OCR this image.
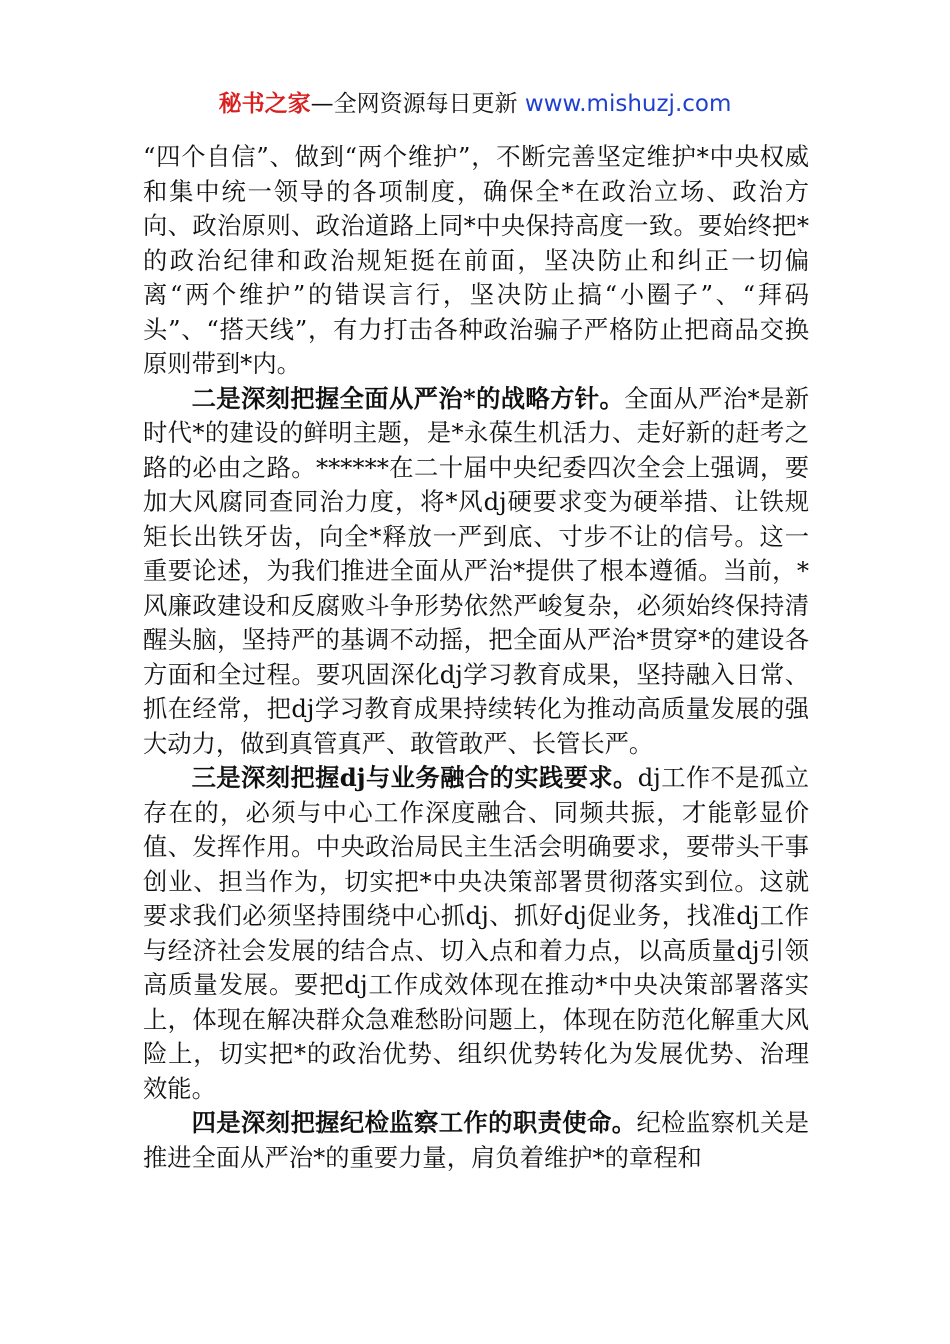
秘书之家—全网资源每日更新 www.mishuzj.com

“四个自信”、做到“两个维护”，不断完善坚定维护*中央权威和集中统一领导的各项制度，确保全*在政治立场、政治方向、政治原则、政治道路上同*中央保持高度一致。要始终把*的政治纪律和政治规矩挺在前面，坚决防止和纠正一切偏离“两个维护”的错误言行，坚决防止搞“小圈子”、“拜码头”、“搭天线”，有力打击各种政治骗子严格防止把商品交换原则带到*内。

二是深刻把握全面从严治*的战略方针。全面从严治*是新时代*的建设的鲜明主题，是*永葆生机活力、走好新的赶考之路的必由之路。******在二十届中央纪委四次全会上强调，要加大风腐同查同治力度，将*风dj硬要求变为硬举措、让铁规矩长出铁牙齿，向全*释放一严到底、寸步不让的信号。这一重要论述，为我们推进全面从严治*提供了根本遵循。当前，*风廉政建设和反腐败斗争形势依然严峻复杂，必须始终保持清醒头脑，坚持严的基调不动摇，把全面从严治*贯穿*的建设各方面和全过程。要巩固深化dj学习教育成果，坚持融入日常、抓在经常，把dj学习教育成果持续转化为推动高质量发展的强大动力，做到真管真严、敢管敢严、长管长严。

三是深刻把握dj与业务融合的实践要求。dj工作不是孤立存在的，必须与中心工作深度融合、同频共振，才能彰显价值、发挥作用。中央政治局民主生活会明确要求，要带头干事创业、担当作为，切实把*中央决策部署贯彻落实到位。这就要求我们必须坚持围绕中心抓dj、抓好dj促业务，找准dj工作与经济社会发展的结合点、切入点和着力点，以高质量dj引领高质量发展。要把dj工作成效体现在推动*中央决策部署落实上，体现在解决群众急难愁盼问题上，体现在防范化解重大风险上，切实把*的政治优势、组织优势转化为发展优势、治理效能。

四是深刻把握纪检监察工作的职责使命。纪检监察机关是推进全面从严治*的重要力量，肩负着维护*的章程和
